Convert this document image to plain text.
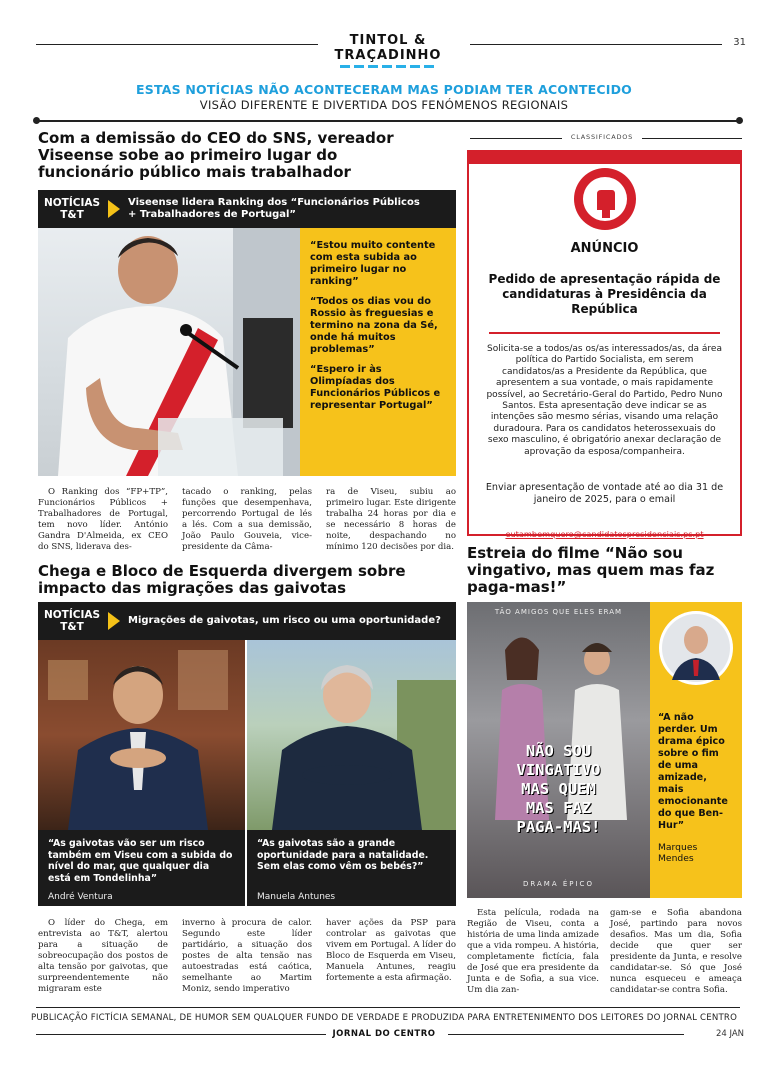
TINTOL &
TRAÇADINHO
31
ESTAS NOTÍCIAS NÃO ACONTECERAM MAS PODIAM TER ACONTECIDO
VISÃO DIFERENTE E DIVERTIDA DOS FENÓMENOS REGIONAIS
Com a demissão do CEO do SNS, vereador Viseense sobe ao primeiro lugar do funcionário público mais trabalhador
NOTÍCIAS T&T
Viseense lidera Ranking dos “Funcionários Públicos + Trabalhadores de Portugal”

“Estou muito contente com esta subida ao primeiro lugar no ranking”

“Todos os dias vou do Rossio às freguesias e termino na zona da Sé, onde há muitos problemas”

“Espero ir às Olimpíadas dos Funcionários Públicos e representar Portugal”

O Ranking dos “FP+TP”, Funcionários Públicos + Trabalhadores de Portugal, tem novo líder. António Gandra D'Almeida, ex CEO do SNS, liderava des-

tacado o ranking, pelas funções que desempenhava, percorrendo Portugal de lés a lés. Com a sua demissão, João Paulo Gouveia, vice-presidente da Câma-

ra de Viseu, subiu ao primeiro lugar. Este dirigente trabalha 24 horas por dia e se necessário 8 horas de noite, despachando no mínimo 120 decisões por dia.

Chega e Bloco de Esquerda divergem sobre impacto das migrações das gaivotas
NOTÍCIAS T&T
Migrações de gaivotas, um risco ou uma oportunidade?

“As gaivotas vão ser um risco também em Viseu com a subida do nível do mar, que qualquer dia está em Tondelinha”

André Ventura

“As gaivotas são a grande oportunidade para a natalidade. Sem elas como vêm os bebés?”

Manuela Antunes

O líder do Chega, em entrevista ao T&T, alertou para a situação de sobreocupação dos postos de alta tensão por gaivotas, que surpreendentemente não migraram este

inverno à procura de calor. Segundo este líder partidário, a situação dos postes de alta tensão nas autoestradas está caótica, semelhante ao Martim Moniz, sendo imperativo

haver ações da PSP para controlar as gaivotas que vivem em Portugal. A líder do Bloco de Esquerda em Viseu, Manuela Antunes, reagiu fortemente a esta afirmação.

CLASSIFICADOS
ANÚNCIO
Pedido de apresentação rápida de candidaturas à Presidência da República
Solicita-se a todos/as os/as interessados/as, da área política do Partido Socialista, em serem candidatos/as a Presidente da República, que apresentem a sua vontade, o mais rapidamente possível, ao Secretário-Geral do Partido, Pedro Nuno Santos. Esta apresentação deve indicar se as intenções são mesmo sérias, visando uma relação duradoura. Para os candidatos heterossexuais do sexo masculino, é obrigatório anexar declaração de aprovação da esposa/companheira.
Enviar apresentação de vontade até ao dia 31 de janeiro de 2025, para o email
eutambemquero@candidatospresidenciais.ps.pt
Estreia do filme “Não sou vingativo, mas quem mas faz paga-mas!”
TÃO AMIGOS QUE ELES ERAM
NÃO SOU
VINGATIVO
MAS QUEM
MAS FAZ
PAGA-MAS!
DRAMA ÉPICO

“A não perder. Um drama épico sobre o fim de uma amizade, mais emocionante do que Ben-Hur”

Marques Mendes

Esta película, rodada na Região de Viseu, conta a história de uma linda amizade que a vida rompeu. A história, completamente fictícia, fala de José que era presidente da Junta e de Sofia, a sua vice. Um dia zan-

gam-se e Sofia abandona José, partindo para novos desafios. Mas um dia, Sofia decide que quer ser presidente da Junta, e resolve candidatar-se. Só que José nunca esqueceu e ameaça candidatar-se contra Sofia.

PUBLICAÇÃO FICTÍCIA SEMANAL, DE HUMOR SEM QUALQUER FUNDO DE VERDADE E PRODUZIDA PARA ENTRETENIMENTO DOS LEITORES DO JORNAL CENTRO
JORNAL DO CENTRO	24 JAN
